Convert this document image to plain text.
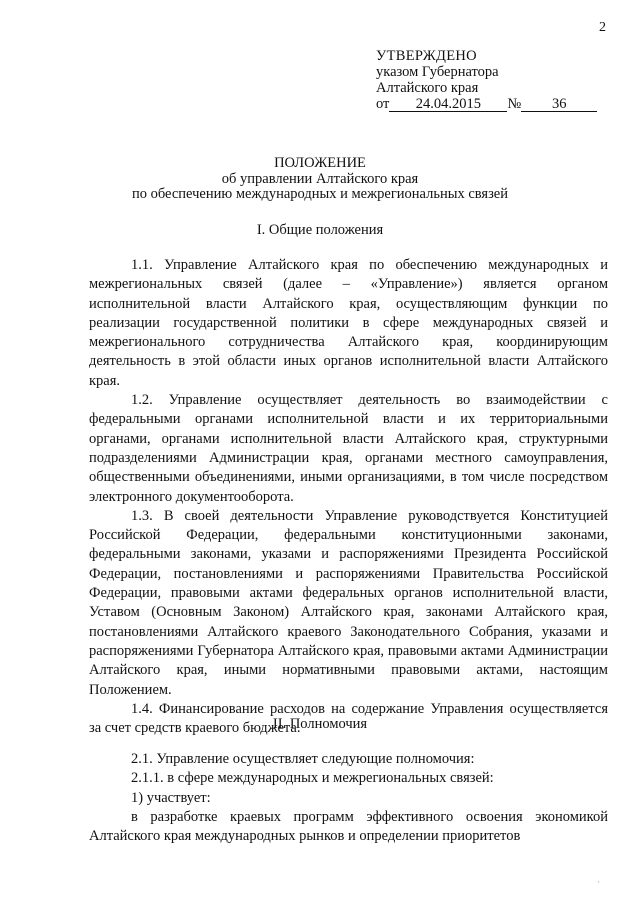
2
УТВЕРЖДЕНО
указом Губернатора
Алтайского края
от 24.04.2015 № 36
ПОЛОЖЕНИЕ
об управлении Алтайского края
по обеспечению международных и межрегиональных связей
I. Общие положения

1.1. Управление Алтайского края по обеспечению международных и межрегиональных связей (далее – «Управление») является органом исполнительной власти Алтайского края, осуществляющим функции по реализации государственной политики в сфере международных связей и межрегионального сотрудничества Алтайского края, координирующим деятельность в этой области иных органов исполнительной власти Алтайского края.

1.2. Управление осуществляет деятельность во взаимодействии с федеральными органами исполнительной власти и их территориальными органами, органами исполнительной власти Алтайского края, структурными подразделениями Администрации края, органами местного самоуправления, общественными объединениями, иными организациями, в том числе посредством электронного документооборота.

1.3. В своей деятельности Управление руководствуется Конституцией Российской Федерации, федеральными конституционными законами, федеральными законами, указами и распоряжениями Президента Российской Федерации, постановлениями и распоряжениями Правительства Российской Федерации, правовыми актами федеральных органов исполнительной власти, Уставом (Основным Законом) Алтайского края, законами Алтайского края, постановлениями Алтайского краевого Законодательного Собрания, указами и распоряжениями Губернатора Алтайского края, правовыми актами Администрации Алтайского края, иными нормативными правовыми актами, настоящим Положением.

1.4. Финансирование расходов на содержание Управления осуществляется за счет средств краевого бюджета.

II. Полномочия

2.1. Управление осуществляет следующие полномочия:

2.1.1. в сфере международных и межрегиональных связей:

1) участвует:

в разработке краевых программ эффективного освоения экономикой Алтайского края международных рынков и определении приоритетов

·
